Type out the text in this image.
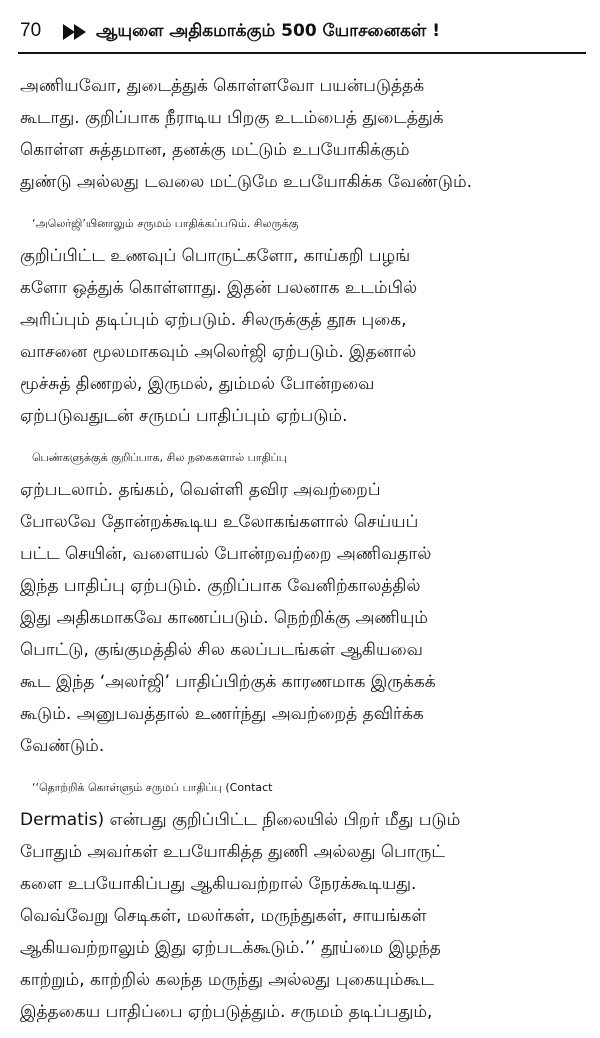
70	ஆயுளை அதிகமாக்கும் 500 யோசனைகள் !
அணியவோ, துடைத்துக் கொள்ளவோ பயன்படுத்தக்
கூடாது. குறிப்பாக நீராடிய பிறகு உடம்பைத் துடைத்துக்
கொள்ள சுத்தமான, தனக்கு மட்டும் உபயோகிக்கும்
துண்டு அல்லது டவலை மட்டுமே உபயோகிக்க வேண்டும்.
‘அலெர்ஜி’யினாலும் சருமம் பாதிக்கப்படும். சிலருக்கு
குறிப்பிட்ட உணவுப் பொருட்களோ, காய்கறி பழங்
களோ ஒத்துக் கொள்ளாது. இதன் பலனாக உடம்பில்
அரிப்பும் தடிப்பும் ஏற்படும். சிலருக்குத் தூசு புகை,
வாசனை மூலமாகவும் அலெர்ஜி ஏற்படும். இதனால்
மூச்சுத் திணறல், இருமல், தும்மல் போன்றவை
ஏற்படுவதுடன் சருமப் பாதிப்பும் ஏற்படும்.
பெண்களுக்குக் குறிப்பாக, சில நகைகளால் பாதிப்பு
ஏற்படலாம். தங்கம், வெள்ளி தவிர அவற்றைப்
போலவே தோன்றக்கூடிய உலோகங்களால் செய்யப்
பட்ட செயின், வளையல் போன்றவற்றை அணிவதால்
இந்த பாதிப்பு ஏற்படும். குறிப்பாக வேனிற்காலத்தில்
இது அதிகமாகவே காணப்படும். நெற்றிக்கு அணியும்
பொட்டு, குங்குமத்தில் சில கலப்படங்கள் ஆகியவை
கூட இந்த ‘அலர்ஜி’ பாதிப்பிற்குக் காரணமாக இருக்கக்
கூடும். அனுபவத்தால் உணர்ந்து அவற்றைத் தவிர்க்க
வேண்டும்.
‘‘தொற்றிக் கொள்ளும் சருமப் பாதிப்பு (Contact
Dermatis) என்பது குறிப்பிட்ட நிலையில் பிறர் மீது படும்
போதும் அவர்கள் உபயோகித்த துணி அல்லது பொருட்
களை உபயோகிப்பது ஆகியவற்றால் நேரக்கூடியது.
வெவ்வேறு செடிகள், மலர்கள், மருந்துகள், சாயங்கள்
ஆகியவற்றாலும் இது ஏற்படக்கூடும்.’’ தூய்மை இழந்த
காற்றும், காற்றில் கலந்த மருந்து அல்லது புகையும்கூட
இத்தகைய பாதிப்பை ஏற்படுத்தும். சருமம் தடிப்பதும்,
